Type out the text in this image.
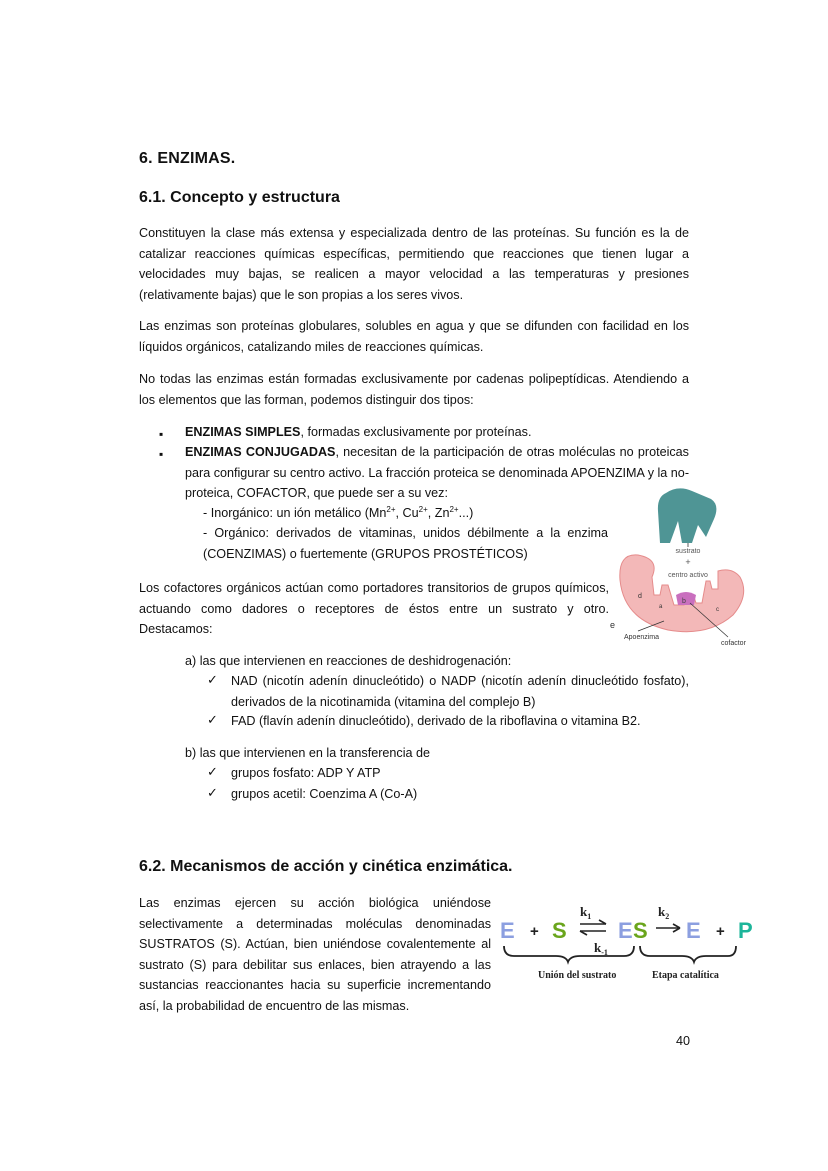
6. ENZIMAS.
6.1. Concepto y estructura

Constituyen la clase más extensa y especializada dentro de las proteínas. Su función es la de catalizar reacciones químicas específicas, permitiendo que reacciones que tienen lugar a velocidades muy bajas, se realicen a mayor velocidad a las temperaturas y presiones (relativamente bajas) que le son propias a los seres vivos.

Las enzimas son proteínas globulares, solubles en agua y que se difunden con facilidad en los líquidos orgánicos, catalizando miles de reacciones químicas.

No todas las enzimas están formadas exclusivamente por cadenas polipeptídicas. Atendiendo a los elementos que las forman, podemos distinguir dos tipos:

▪ ENZIMAS SIMPLES, formadas exclusivamente por proteínas.

▪ ENZIMAS CONJUGADAS, necesitan de la participación de otras moléculas no proteicas para configurar su centro activo. La fracción proteica se denominada APOENZIMA y la no-proteica, COFACTOR, que puede ser a su vez:

- Inorgánico: un ión metálico ($Mn^{2+}$, $Cu^{2+}$, $Zn^{2+}$...)

- Orgánico: derivados de vitaminas, unidos débilmente a la enzima (COENZIMAS) o fuertemente (GRUPOS PROSTÉTICOS)

Los cofactores orgánicos actúan como portadores transitorios de grupos químicos, actuando como dadores o receptores de éstos entre un sustrato y otro. Destacamos:

a) las que intervienen en reacciones de deshidrogenación:

✓ NAD (nicotín adenín dinucleótido) o NADP (nicotín adenín dinucleótido fosfato), derivados de la nicotinamida (vitamina del complejo B)

✓ FAD (flavín adenín dinucleótido), derivado de la riboflavina o vitamina B2.

b) las que intervienen en la transferencia de

✓ grupos fosfato: ADP Y ATP

✓ grupos acetil: Coenzima A (Co-A)

6.2. Mecanismos de acción y cinética enzimática.

Las enzimas ejercen su acción biológica uniéndose selectivamente a determinadas moléculas denominadas SUSTRATOS (S). Actúan, bien uniéndose covalentemente al sustrato (S) para debilitar sus enlaces, bien atrayendo a las sustancias reaccionantes hacia su superficie incrementando así, la probabilidad de encuentro de las mismas.

sustrato
+
centro activo
b
d
a	c
e
Apoenzima
cofactor
E + S E S E + P
$k_1$
$k_{-1}$
$k_2$
Unión del sustrato	Etapa catalítica
40
